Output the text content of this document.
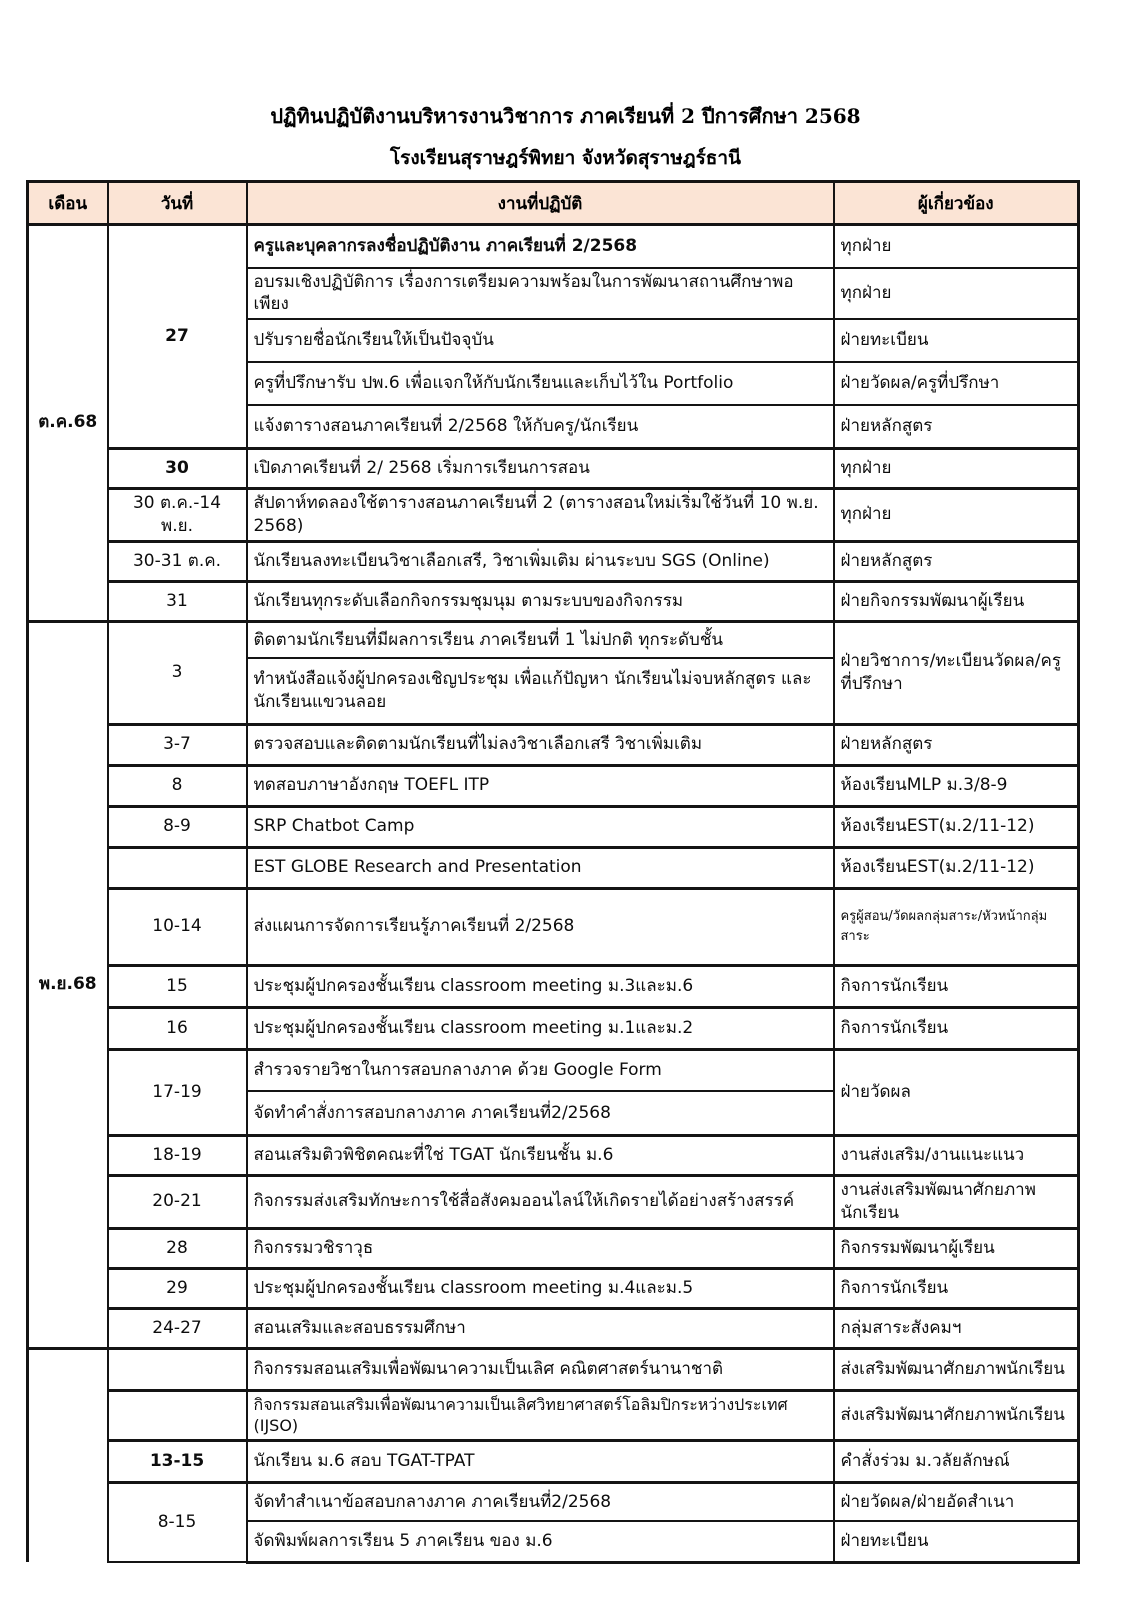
ปฏิทินปฏิบัติงานบริหารงานวิชาการ ภาคเรียนที่ 2 ปีการศึกษา 2568
โรงเรียนสุราษฎร์พิทยา จังหวัดสุราษฎร์ธานี
เดือน	วันที่	งานที่ปฏิบัติ	ผู้เกี่ยวข้อง
ต.ค.68	27	ครูและบุคลากรลงชื่อปฏิบัติงาน ภาคเรียนที่ 2/2568	ทุกฝ่าย
		อบรมเชิงปฏิบัติการ เรื่องการเตรียมความพร้อมในการพัฒนาสถานศึกษาพอเพียง	ทุกฝ่าย
		ปรับรายชื่อนักเรียนให้เป็นปัจจุบัน	ฝ่ายทะเบียน
		ครูที่ปรึกษารับ ปพ.6 เพื่อแจกให้กับนักเรียนและเก็บไว้ใน Portfolio	ฝ่ายวัดผล/ครูที่ปรึกษา
		แจ้งตารางสอนภาคเรียนที่ 2/2568 ให้กับครู/นักเรียน	ฝ่ายหลักสูตร
	30	เปิดภาคเรียนที่ 2/ 2568 เริ่มการเรียนการสอน	ทุกฝ่าย
	30 ต.ค.-14 พ.ย.	สัปดาห์ทดลองใช้ตารางสอนภาคเรียนที่ 2 (ตารางสอนใหม่เริ่มใช้วันที่ 10 พ.ย. 2568)	ทุกฝ่าย
	30-31 ต.ค.	นักเรียนลงทะเบียนวิชาเลือกเสรี, วิชาเพิ่มเติม ผ่านระบบ SGS (Online)	ฝ่ายหลักสูตร
	31	นักเรียนทุกระดับเลือกกิจกรรมชุมนุม ตามระบบของกิจกรรม	ฝ่ายกิจกรรมพัฒนาผู้เรียน
พ.ย.68	3	ติดตามนักเรียนที่มีผลการเรียน ภาคเรียนที่ 1 ไม่ปกติ ทุกระดับชั้น	ฝ่ายวิชาการ/ทะเบียนวัดผล/ครูที่ปรึกษา
		ทำหนังสือแจ้งผู้ปกครองเชิญประชุม เพื่อแก้ปัญหา นักเรียนไม่จบหลักสูตร และนักเรียนแขวนลอย	
	3-7	ตรวจสอบและติดตามนักเรียนที่ไม่ลงวิชาเลือกเสรี วิชาเพิ่มเติม	ฝ่ายหลักสูตร
	8	ทดสอบภาษาอังกฤษ TOEFL ITP	ห้องเรียนMLP ม.3/8-9
	8-9	SRP Chatbot Camp	ห้องเรียนEST(ม.2/11-12)
		EST GLOBE Research and Presentation	ห้องเรียนEST(ม.2/11-12)
	10-14	ส่งแผนการจัดการเรียนรู้ภาคเรียนที่ 2/2568	ครูผู้สอน/วัดผลกลุ่มสาระ/หัวหน้ากลุ่มสาระ
	15	ประชุมผู้ปกครองชั้นเรียน classroom meeting ม.3และม.6	กิจการนักเรียน
	16	ประชุมผู้ปกครองชั้นเรียน classroom meeting ม.1และม.2	กิจการนักเรียน
	17-19	สำรวจรายวิชาในการสอบกลางภาค ด้วย Google Form	ฝ่ายวัดผล
		จัดทำคำสั่งการสอบกลางภาค ภาคเรียนที่2/2568	
	18-19	สอนเสริมติวพิชิตคณะที่ใช่ TGAT นักเรียนชั้น ม.6	งานส่งเสริม/งานแนะแนว
	20-21	กิจกรรมส่งเสริมทักษะการใช้สื่อสังคมออนไลน์ให้เกิดรายได้อย่างสร้างสรรค์	งานส่งเสริมพัฒนาศักยภาพนักเรียน
	28	กิจกรรมวชิราวุธ	กิจกรรมพัฒนาผู้เรียน
	29	ประชุมผู้ปกครองชั้นเรียน classroom meeting ม.4และม.5	กิจการนักเรียน
	24-27	สอนเสริมและสอบธรรมศึกษา	กลุ่มสาระสังคมฯ
		กิจกรรมสอนเสริมเพื่อพัฒนาความเป็นเลิศ คณิตศาสตร์นานาชาติ	ส่งเสริมพัฒนาศักยภาพนักเรียน
		กิจกรรมสอนเสริมเพื่อพัฒนาความเป็นเลิศวิทยาศาสตร์โอลิมปิกระหว่างประเทศ (IJSO)	ส่งเสริมพัฒนาศักยภาพนักเรียน
	13-15	นักเรียน ม.6 สอบ TGAT-TPAT	คำสั่งร่วม ม.วลัยลักษณ์
	8-15	จัดทำสำเนาข้อสอบกลางภาค ภาคเรียนที่2/2568	ฝ่ายวัดผล/ฝ่ายอัดสำเนา
		จัดพิมพ์ผลการเรียน 5 ภาคเรียน ของ ม.6	ฝ่ายทะเบียน
